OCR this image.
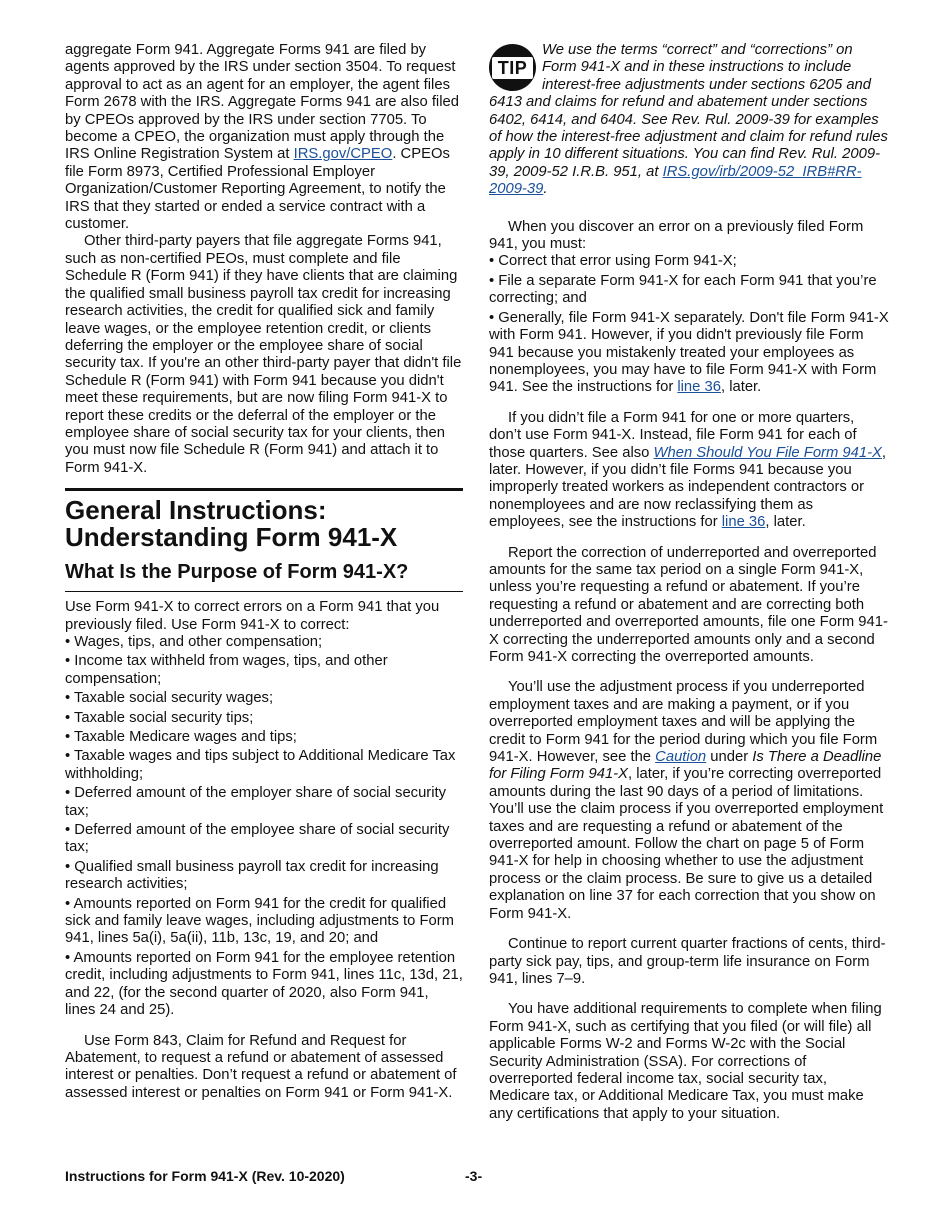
aggregate Form 941. Aggregate Forms 941 are filed by agents approved by the IRS under section 3504. To request approval to act as an agent for an employer, the agent files Form 2678 with the IRS. Aggregate Forms 941 are also filed by CPEOs approved by the IRS under section 7705. To become a CPEO, the organization must apply through the IRS Online Registration System at IRS.gov/CPEO. CPEOs file Form 8973, Certified Professional Employer Organization/Customer Reporting Agreement, to notify the IRS that they started or ended a service contract with a customer.

Other third-party payers that file aggregate Forms 941, such as non-certified PEOs, must complete and file Schedule R (Form 941) if they have clients that are claiming the qualified small business payroll tax credit for increasing research activities, the credit for qualified sick and family leave wages, or the employee retention credit, or clients deferring the employer or the employee share of social security tax. If you're an other third-party payer that didn't file Schedule R (Form 941) with Form 941 because you didn't meet these requirements, but are now filing Form 941-X to report these credits or the deferral of the employer or the employee share of social security tax for your clients, then you must now file Schedule R (Form 941) and attach it to Form 941-X.

General Instructions: Understanding Form 941-X
What Is the Purpose of Form 941-X?

Use Form 941-X to correct errors on a Form 941 that you previously filed. Use Form 941-X to correct:

• Wages, tips, and other compensation;

• Income tax withheld from wages, tips, and other compensation;

• Taxable social security wages;

• Taxable social security tips;

• Taxable Medicare wages and tips;

• Taxable wages and tips subject to Additional Medicare Tax withholding;

• Deferred amount of the employer share of social security tax;

• Deferred amount of the employee share of social security tax;

• Qualified small business payroll tax credit for increasing research activities;

• Amounts reported on Form 941 for the credit for qualified sick and family leave wages, including adjustments to Form 941, lines 5a(i), 5a(ii), 11b, 13c, 19, and 20; and

• Amounts reported on Form 941 for the employee retention credit, including adjustments to Form 941, lines 11c, 13d, 21, and 22, (for the second quarter of 2020, also Form 941, lines 24 and 25).

Use Form 843, Claim for Refund and Request for Abatement, to request a refund or abatement of assessed interest or penalties. Don’t request a refund or abatement of assessed interest or penalties on Form 941 or Form 941-X.

TIP
We use the terms “correct” and “corrections” on Form 941-X and in these instructions to include interest-free adjustments under sections 6205 and 6413 and claims for refund and abatement under sections 6402, 6414, and 6404. See Rev. Rul. 2009-39 for examples of how the interest-free adjustment and claim for refund rules apply in 10 different situations. You can find Rev. Rul. 2009-39, 2009-52 I.R.B. 951, at IRS.gov/irb/2009-52_IRB#RR-2009-39.

When you discover an error on a previously filed Form 941, you must:

• Correct that error using Form 941-X;

• File a separate Form 941-X for each Form 941 that you’re correcting; and

• Generally, file Form 941-X separately. Don't file Form 941-X with Form 941. However, if you didn't previously file Form 941 because you mistakenly treated your employees as nonemployees, you may have to file Form 941-X with Form 941. See the instructions for line 36, later.

If you didn’t file a Form 941 for one or more quarters, don’t use Form 941-X. Instead, file Form 941 for each of those quarters. See also When Should You File Form 941-X, later. However, if you didn’t file Forms 941 because you improperly treated workers as independent contractors or nonemployees and are now reclassifying them as employees, see the instructions for line 36, later.

Report the correction of underreported and overreported amounts for the same tax period on a single Form 941-X, unless you’re requesting a refund or abatement. If you’re requesting a refund or abatement and are correcting both underreported and overreported amounts, file one Form 941-X correcting the underreported amounts only and a second Form 941-X correcting the overreported amounts.

You’ll use the adjustment process if you underreported employment taxes and are making a payment, or if you overreported employment taxes and will be applying the credit to Form 941 for the period during which you file Form 941-X. However, see the Caution under Is There a Deadline for Filing Form 941-X, later, if you’re correcting overreported amounts during the last 90 days of a period of limitations. You’ll use the claim process if you overreported employment taxes and are requesting a refund or abatement of the overreported amount. Follow the chart on page 5 of Form 941-X for help in choosing whether to use the adjustment process or the claim process. Be sure to give us a detailed explanation on line 37 for each correction that you show on Form 941-X.

Continue to report current quarter fractions of cents, third-party sick pay, tips, and group-term life insurance on Form 941, lines 7–9.

You have additional requirements to complete when filing Form 941-X, such as certifying that you filed (or will file) all applicable Forms W-2 and Forms W-2c with the Social Security Administration (SSA). For corrections of overreported federal income tax, social security tax, Medicare tax, or Additional Medicare Tax, you must make any certifications that apply to your situation.

Instructions for Form 941-X (Rev. 10-2020)	-3-
